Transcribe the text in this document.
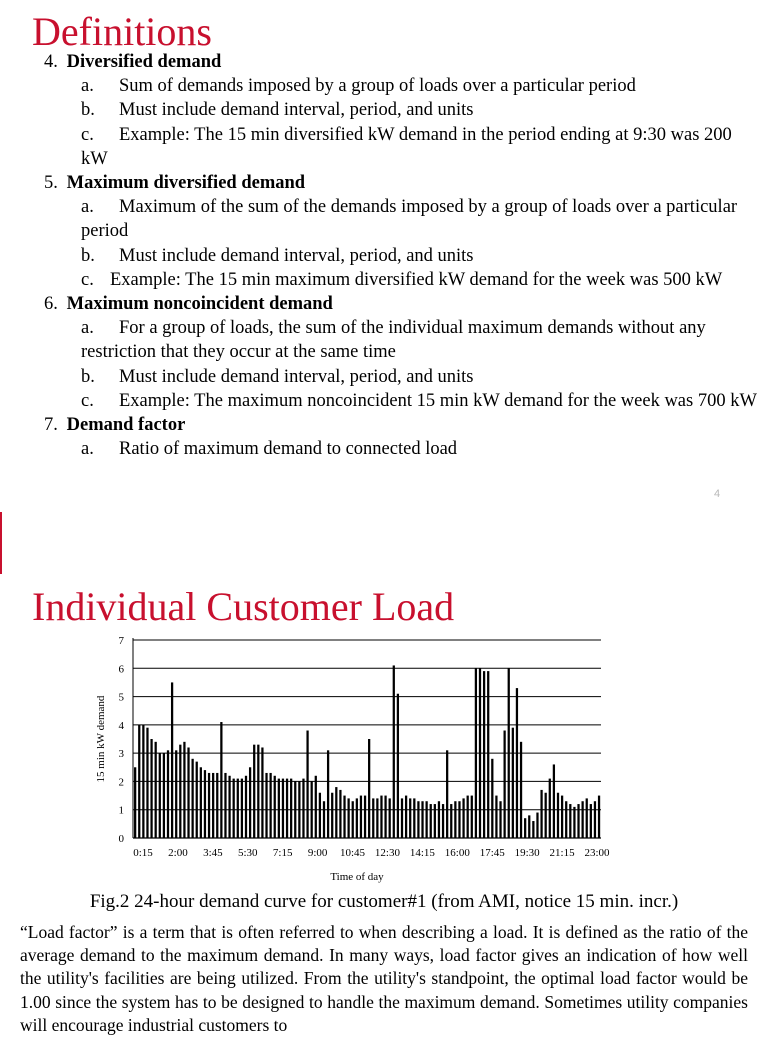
Definitions

4. Diversified demand

a.	Sum of demands imposed by a group of loads over a particular period
b.	Must include demand interval, period, and units
c.	Example: The 15 min diversified kW demand in the period ending at 9:30 was 200 kW

5. Maximum diversified demand

a.	Maximum of the sum of the demands imposed by a group of loads over a particular period
b.	Must include demand interval, period, and units
c. Example: The 15 min maximum diversified kW demand for the week was 500 kW

6. Maximum noncoincident demand

a.	For a group of loads, the sum of the individual maximum demands without any restriction that they occur at the same time
b.	Must include demand interval, period, and units
c.	Example: The maximum noncoincident 15 min kW demand for the week was 700 kW

7. Demand factor

a.	Ratio of maximum demand to connected load
4
Individual Customer Load
0
1
2
3
4
5
6
7
15 min kW demand
0:15 2:00 3:45 5:30 7:15 9:00 10:45 12:30 14:15 16:00 17:45 19:30 21:15 23:00
Time of day

Fig.2 24-hour demand curve for customer#1 (from AMI, notice 15 min. incr.)

“Load factor” is a term that is often referred to when describing a load. It is defined as the ratio of the average demand to the maximum demand. In many ways, load factor gives an indication of how well the utility's facilities are being utilized. From the utility's standpoint, the optimal load factor would be 1.00 since the system has to be designed to handle the maximum demand. Sometimes utility companies will encourage industrial customers to
